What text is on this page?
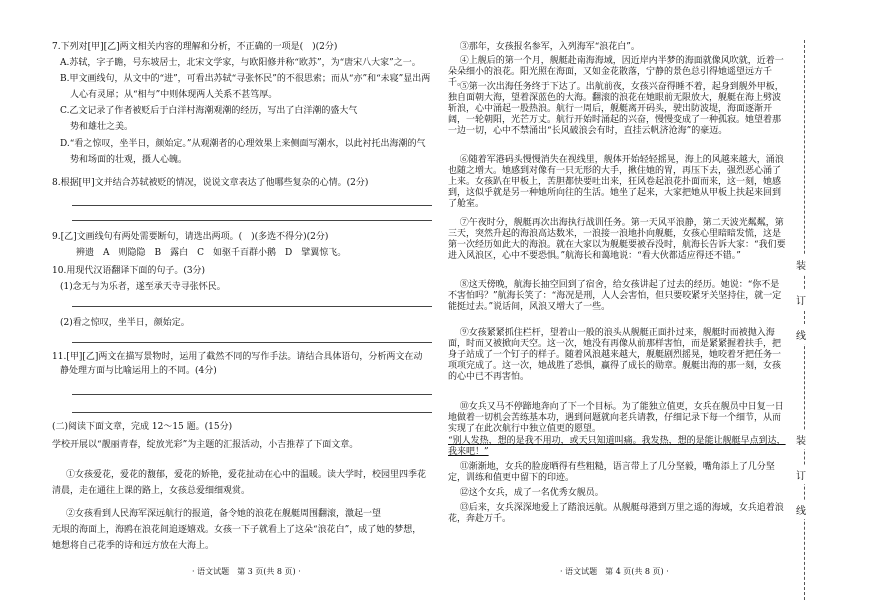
7.下列对[甲][乙]两文相关内容的理解和分析，不正确的一项是(　)(2分)
A.苏轼，字子瞻，号东坡居士，北宋文学家，与欧阳修并称“欧苏”，为“唐宋八大家”之一。
B.甲文画线句，从文中的“进”，可看出苏轼“寻张怀民”的不很思索；而从“亦”和“未寝”显出两
人心有灵犀；从“相与”中则体现两人关系不甚笃厚。
C.乙文记录了作者被贬后于白洋村海潮观潮的经历，写出了白洋潮的盛大气
势和雄壮之美。
D.“看之惊叹，坐半日，颜始定。”从观潮者的心理效果上来侧面写潮水，以此衬托出海潮的气
势和场面的壮观，摄人心魄。
8.根据[甲]文并结合苏轼被贬的情况，说说文章表达了他哪些复杂的心情。(2分)
9.[乙]文画线句有两处需要断句，请选出两项。(　)(多选不得分)(2分)
辨遗　A　则隐隐　B　露白　C　如驱千百群小鹅　D　擘翼惊飞。
10.用现代汉语翻译下面的句子。(3分)
(1)念无与为乐者，遂至承天寺寻张怀民。
(2)看之惊叹，坐半日，颜始定。
11.[甲][乙]两文在描写景物时，运用了截然不同的写作手法。请结合具体语句，分析两文在动
静处理方面与比喻运用上的不同。(4分)
(二)阅读下面文章，完成 12～15 题。(15分)
学校开展以“靓丽青春，绽放光彩”为主题的汇报活动，小吉推荐了下面文章。
①女孩爱花，爱花的馥郁，爱花的娇艳，爱花扯动在心中的温暖。读大学时，校园里四季花
清晨，走在通往上课的路上，女孩总爱细细观赏。
②女孩看到人民海军深远航行的报道，备令她的浪花在舰艇周围翻滚，激起一望
无垠的海面上，海鸥在浪花间追逐嬉戏。女孩一下子就看上了这朵“浪花白”，成了她的梦想，
她想将自己花季的诗和远方放在大海上。
· 语文试题　第 3 页(共 8 页) ·

③那年，女孩报名参军，入列海军“浪花白”。

④上舰后的第一个月，舰艇赴南海海域，因近岸内半梦的海面就像风吹就，近着一朵朵细小的浪花。阳光照在海面，又如金花散落，宁静的景色总引得她遥望远方千千。

⑤第一次出海任务终于下达了。出航前夜，女孩兴奋得睡不着，起身到舰外甲板，独自面朝大海，望着深蓝色的大海。翻滚的浪花在她眼前无限放大，舰艇在海上劈波斩浪，心中涌起一股热浪。航行一周后，舰艇离开码头，驶出防波堤，海面逐渐开阔，一轮朝阳，光芒万丈。航行开始时涌起的兴奋，慢慢变成了一种孤寂。她望着那一边一切，心中不禁涌出“长风破浪会有时，直挂云帆济沧海”的豪迈。

⑥随着军港码头慢慢消失在视线里，舰体开始轻轻摇晃，海上的风越来越大，涌浪也随之增大。她感到对像有一只无形的大手，揪住她的胃，再压下去，强烈恶心涌了上来。女孩趴在甲板上，苦胆都快要吐出来，狂风卷起浪花扑面而来，这一刻，她感到，这似乎就是另一种她所向往的生活。她坐了起来，大家把她从甲板上扶起来回到了舱室。

⑦午夜时分，舰艇再次出海执行战训任务。第一天风平浪静，第二天波光粼粼，第三天，突然升起的海浪高达数米，一浪接一浪地扑向舰艇，女孩心里暗暗发慌，这是第一次经历如此大的海浪。就在大家以为舰艇要被吞没时，航海长告诉大家：“我们要进入风浪区，心中不要恐惧。”航海长和蔼地说：“看大伙都适应得还不错。”

⑧这天傍晚，航海长抽空回到了宿舍，给女孩讲起了过去的经历。她说：“你不是不害怕吗？”航海长笑了：“海况是刑，人人会害怕，但只要咬紧牙关坚持住，就一定能挺过去。”说话间，风浪又增大了一些。

⑨女孩紧紧抓住栏杆，望着山一般的浪头从舰艇正面扑过来，舰艇时而被抛入海面，时而又被掀向天空。这一次，她没有再像从前那样害怕，而是紧紧握着扶手，把身子站成了一个钉子的样子。随着风浪越来越大，舰艇剧烈摇晃，她咬着牙把任务一项项完成了。这一次，她战胜了恐惧，赢得了成长的勋章。舰艇出海的那一刻，女孩的心中已不再害怕。

⑩女兵又马不停蹄地奔向了下一个目标。为了能独立值更，女兵在舰员中日复一日地做着一切机会苦练基本功，遇到问题就向老兵请教，仔细记录下每一个细节，从而实现了在此次航行中独立值更的愿望。

“别人发热，想的是我不用功，或天只知道叫痛。我发热，想的是能让舰艇早点到达，我来吧！”

⑪渐渐地，女兵的脸庞晒得有些粗糙，语言带上了几分坚毅，嘴角添上了几分坚定，训练和值更中留下的印迹。

⑫这个女兵，成了一名优秀女舰员。

⑬后来，女兵深深地爱上了踏浪远航。从舰艇母港到万里之遥的海域，女兵追着浪花，奔赴万千。

· 语文试题　第 4 页(共 8 页) ·
装
订
线
装
订
线
